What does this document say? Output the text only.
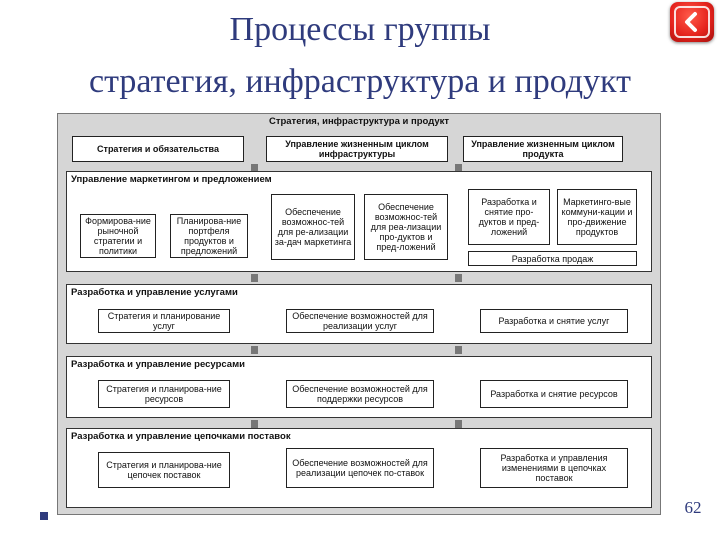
Процессы группы
стратегия, инфраструктура и продукт
Стратегия, инфраструктура и продукт
Стратегия и обязательства	Управление жизненным циклом инфраструктуры
Управление жизненным циклом продукта
Управление маркетингом и предложением
Формирова-ние рыночной стратегии и политики
Планирова-ние портфеля продуктов и предложений
Обеспечение возможнос-тей для ре-ализации за-дач маркетинга
Обеспечение возможнос-тей для реа-лизации про-дуктов и пред-ложений
Разработка и снятие про-дуктов и пред-ложений
Маркетинго-вые коммуни-кации и про-движение продуктов
Разработка продаж
Разработка и управление услугами
Стратегия и планирование услуг
Обеспечение возможностей для реализации услуг	Разработка и снятие услуг
Разработка и управление ресурсами
Стратегия и планирова-ние ресурсов
Обеспечение возможностей для поддержки ресурсов	Разработка и снятие ресурсов
Разработка и управление цепочками поставок
Стратегия и планирова-ние цепочек поставок
Обеспечение возможностей для реализации цепочек по-ставок
Разработка и управления изменениями в цепочках поставок
62
